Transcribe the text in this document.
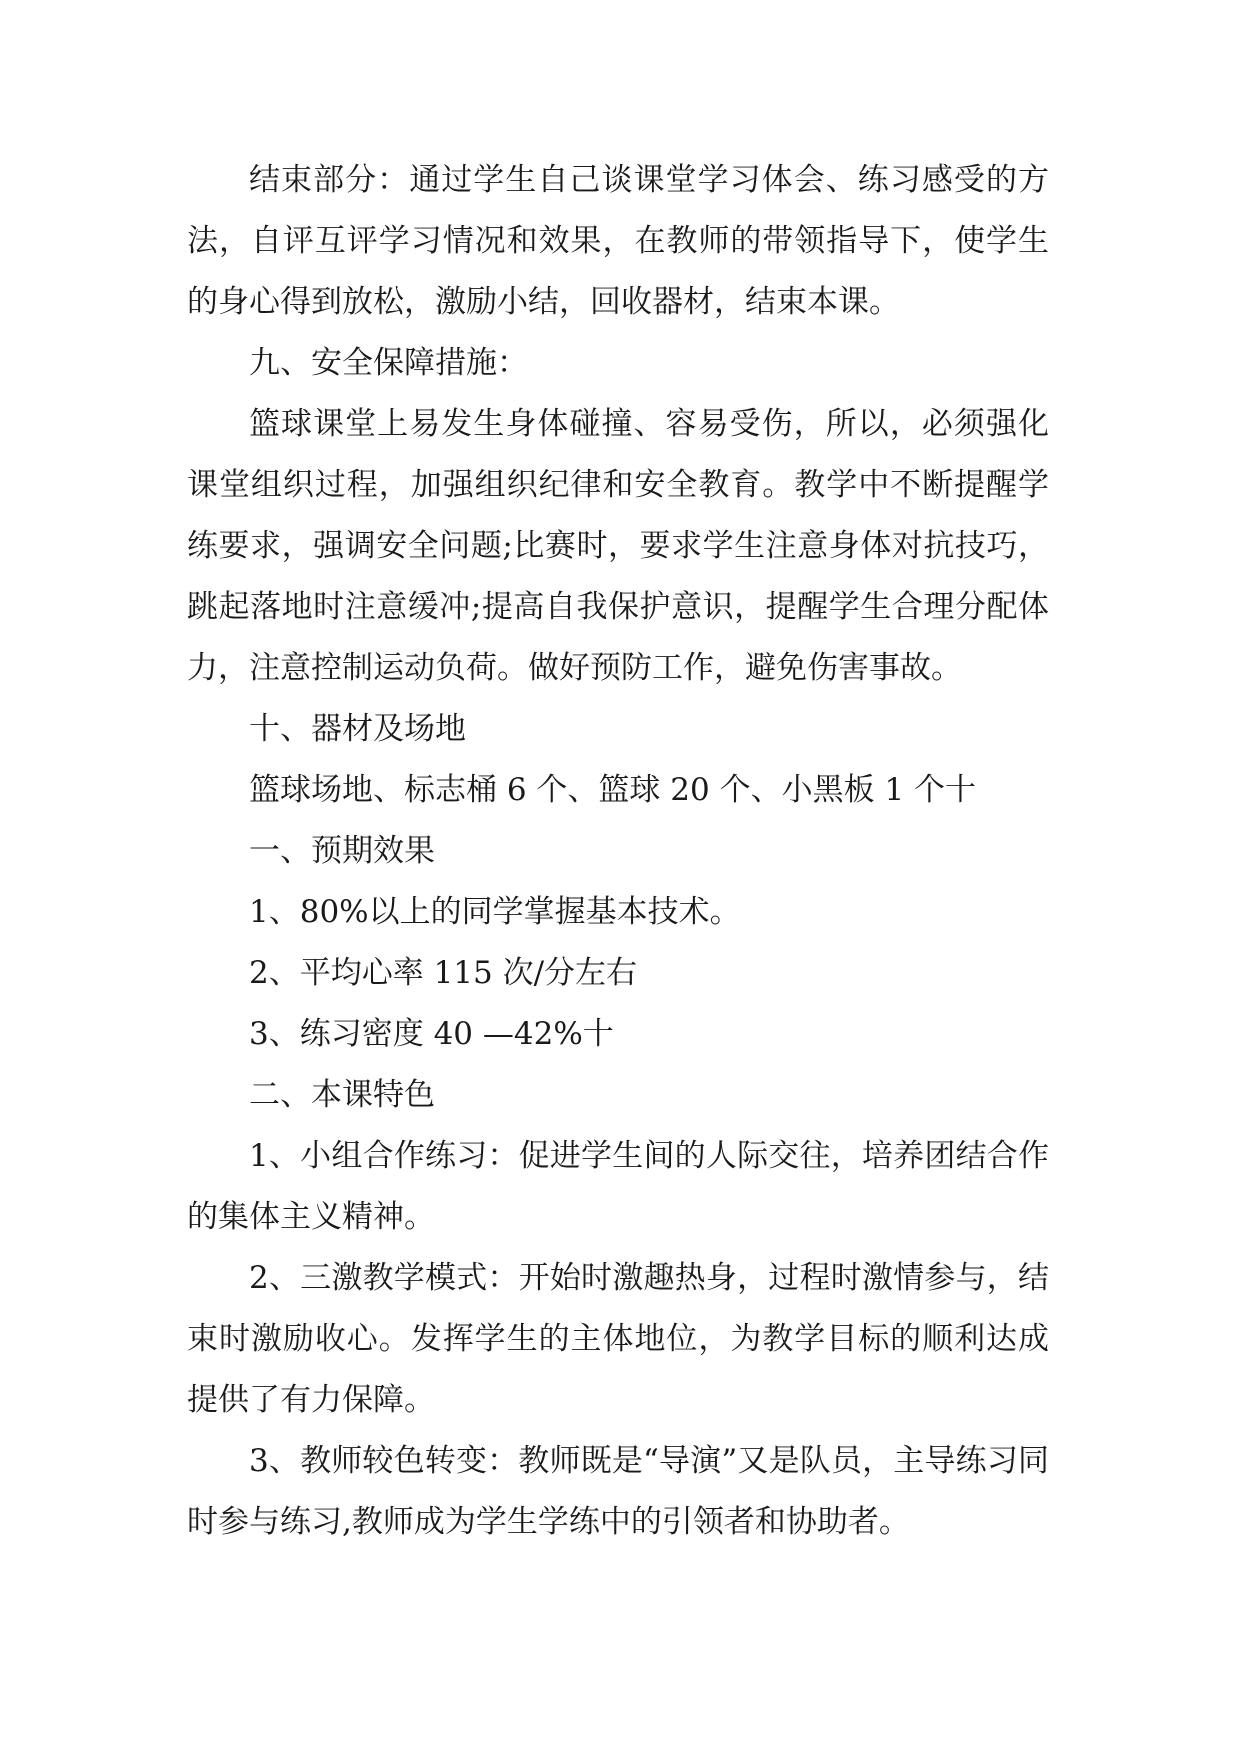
结束部分：通过学生自己谈课堂学习体会、练习感受的方法，自评互评学习情况和效果，在教师的带领指导下，使学生的身心得到放松，激励小结，回收器材，结束本课。

九、安全保障措施：

篮球课堂上易发生身体碰撞、容易受伤，所以，必须强化课堂组织过程，加强组织纪律和安全教育。教学中不断提醒学练要求，强调安全问题;比赛时，要求学生注意身体对抗技巧，跳起落地时注意缓冲;提高自我保护意识，提醒学生合理分配体力，注意控制运动负荷。做好预防工作，避免伤害事故。

十、器材及场地

篮球场地、标志桶 6 个、篮球 20 个、小黑板 1 个十

一、预期效果

1、80%以上的同学掌握基本技术。

2、平均心率 115 次/分左右

3、练习密度 40 —42%十

二、本课特色

1、小组合作练习：促进学生间的人际交往，培养团结合作的集体主义精神。

2、三激教学模式：开始时激趣热身，过程时激情参与，结束时激励收心。发挥学生的主体地位，为教学目标的顺利达成提供了有力保障。

3、教师较色转变：教师既是“导演”又是队员，主导练习同时参与练习,教师成为学生学练中的引领者和协助者。
